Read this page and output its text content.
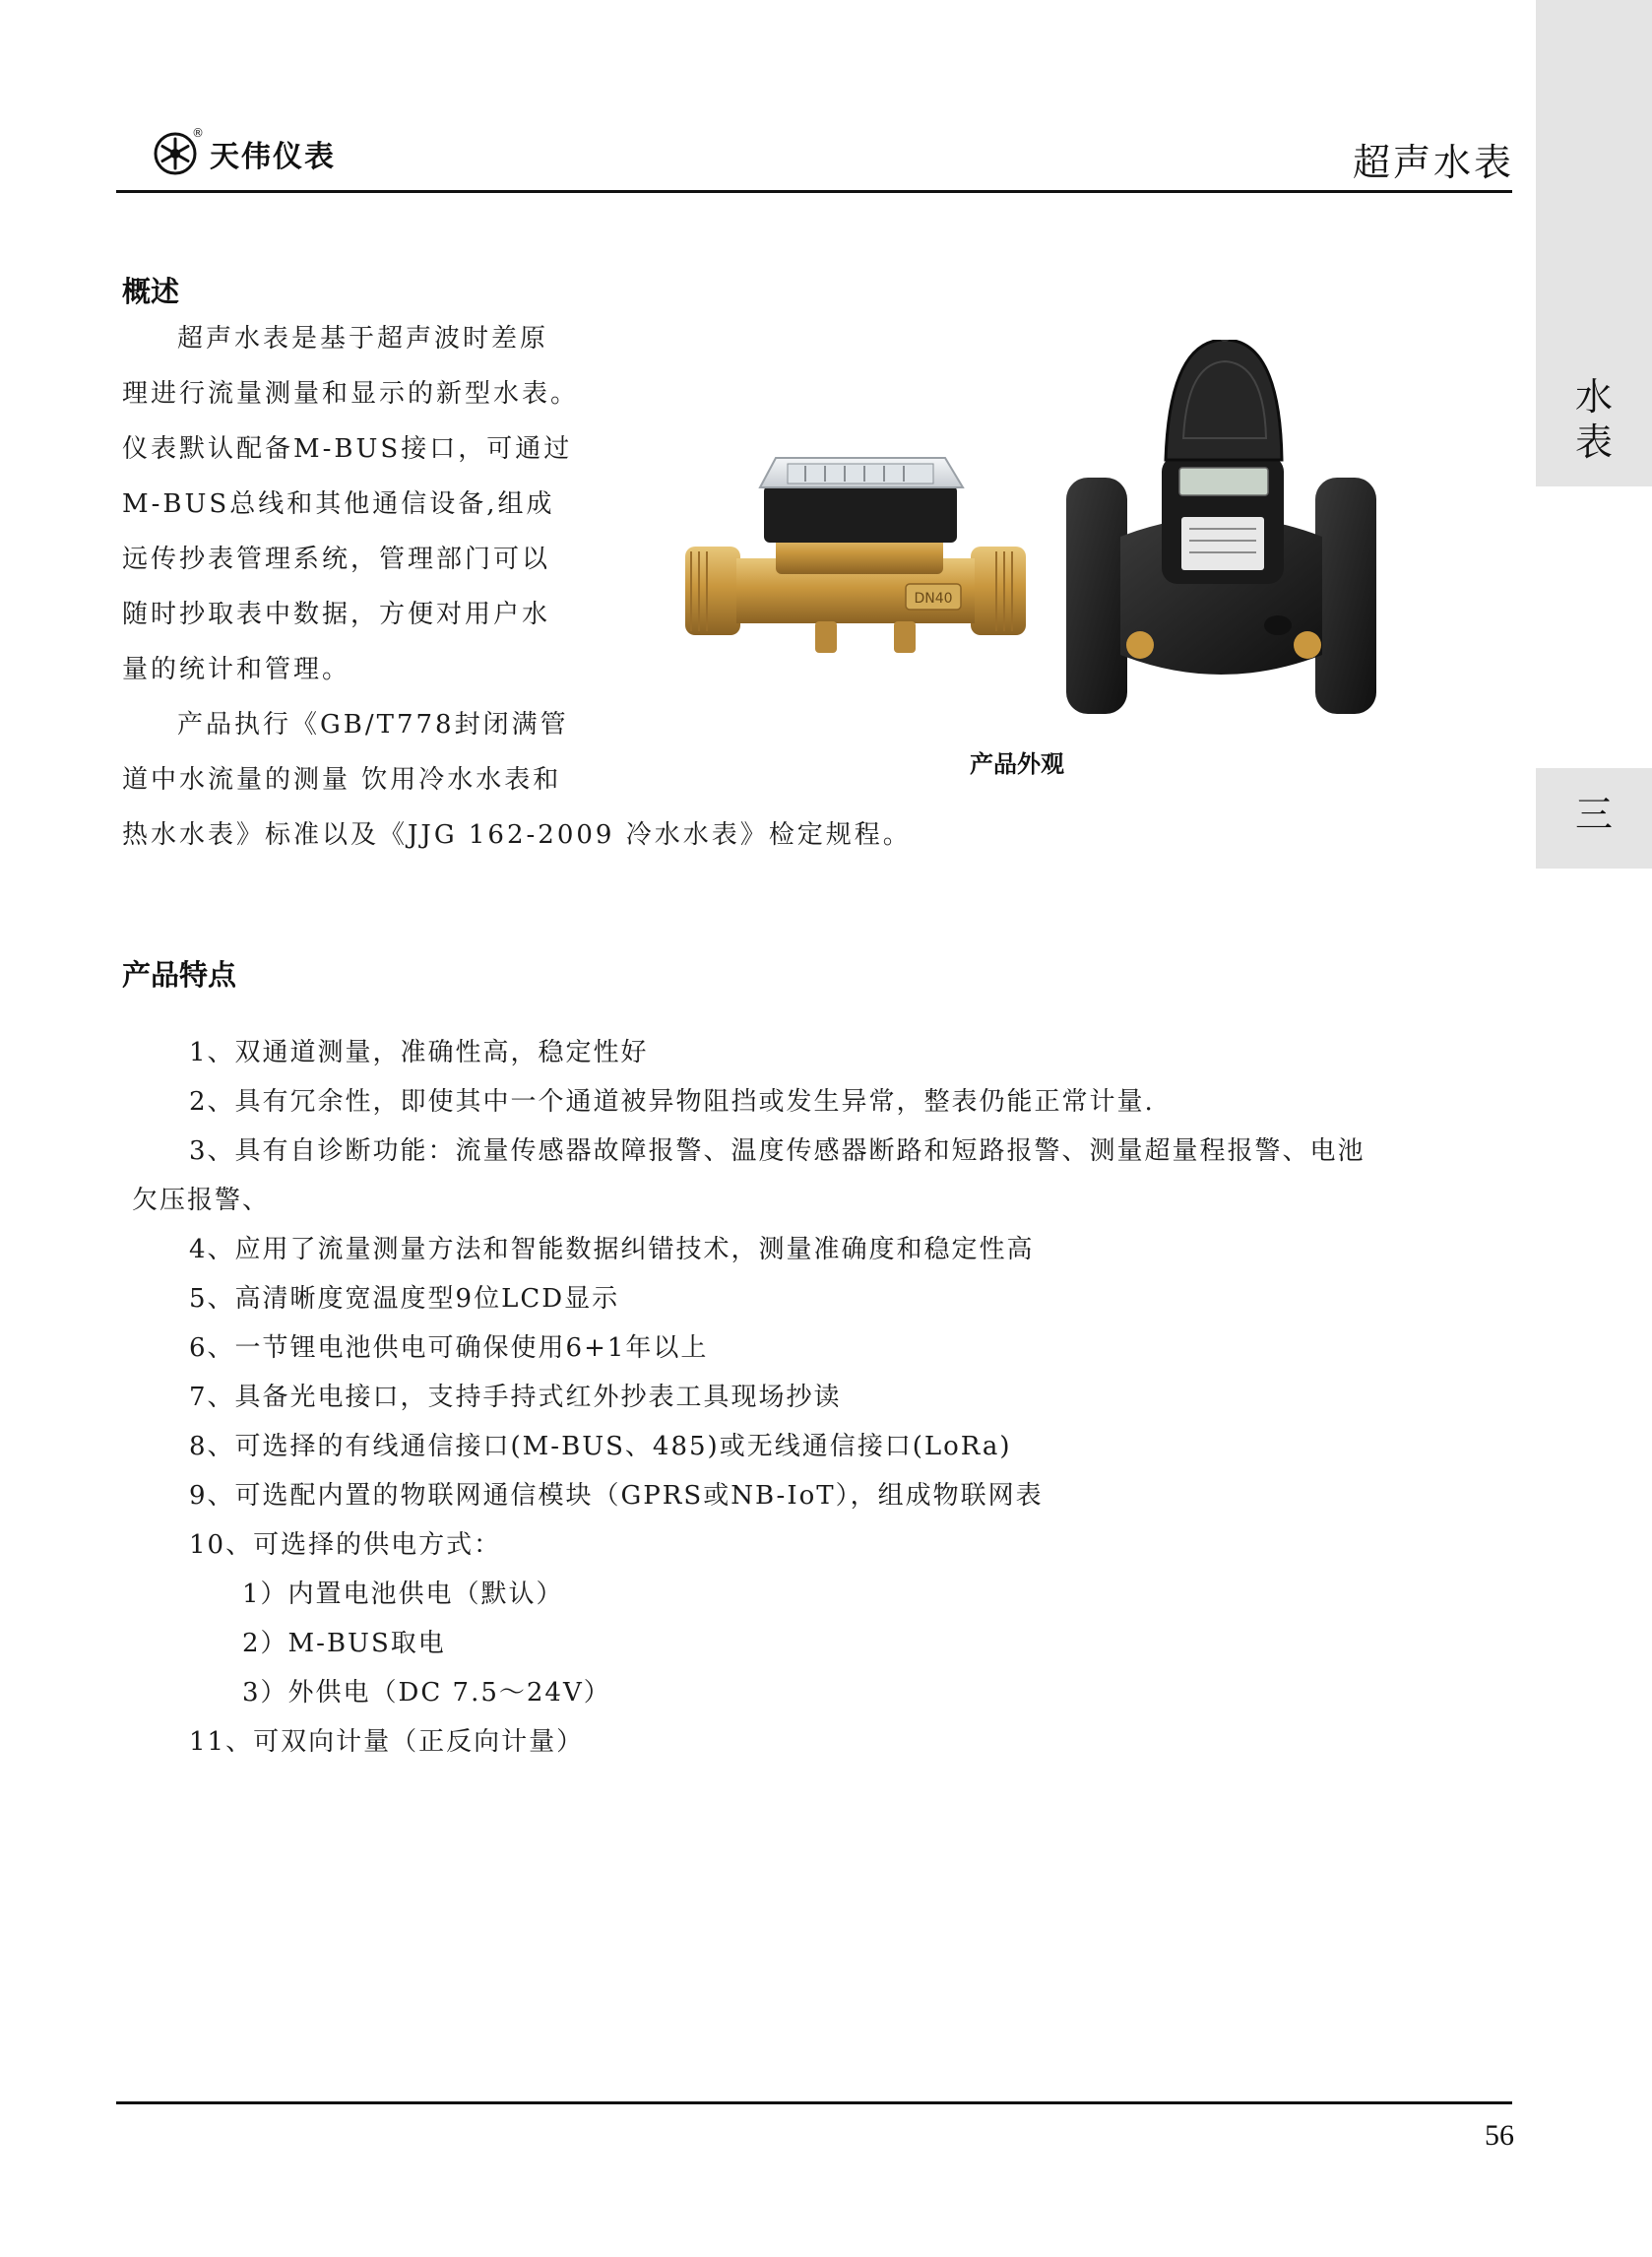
水
表
三
®
天伟仪表	超声水表
概述
超声水表是基于超声波时差原
理进行流量测量和显示的新型水表。
仪表默认配备M-BUS接口，可通过
M-BUS总线和其他通信设备,组成
远传抄表管理系统，管理部门可以
随时抄取表中数据，方便对用户水
量的统计和管理。
产品执行《GB/T778封闭满管
道中水流量的测量 饮用冷水水表和
热水水表》标准以及《JJG 162-2009 冷水水表》检定规程。
DN40
产品外观
产品特点
1、双通道测量，准确性高，稳定性好
2、具有冗余性，即使其中一个通道被异物阻挡或发生异常，整表仍能正常计量.
3、具有自诊断功能：流量传感器故障报警、温度传感器断路和短路报警、测量超量程报警、电池
欠压报警、
4、应用了流量测量方法和智能数据纠错技术，测量准确度和稳定性高
5、高清晰度宽温度型9位LCD显示
6、一节锂电池供电可确保使用6+1年以上
7、具备光电接口，支持手持式红外抄表工具现场抄读
8、可选择的有线通信接口(M-BUS、485)或无线通信接口(LoRa)
9、可选配内置的物联网通信模块（GPRS或NB-IoT），组成物联网表
10、可选择的供电方式：
1）内置电池供电（默认）
2）M-BUS取电
3）外供电（DC 7.5～24V）
11、可双向计量（正反向计量）
56
